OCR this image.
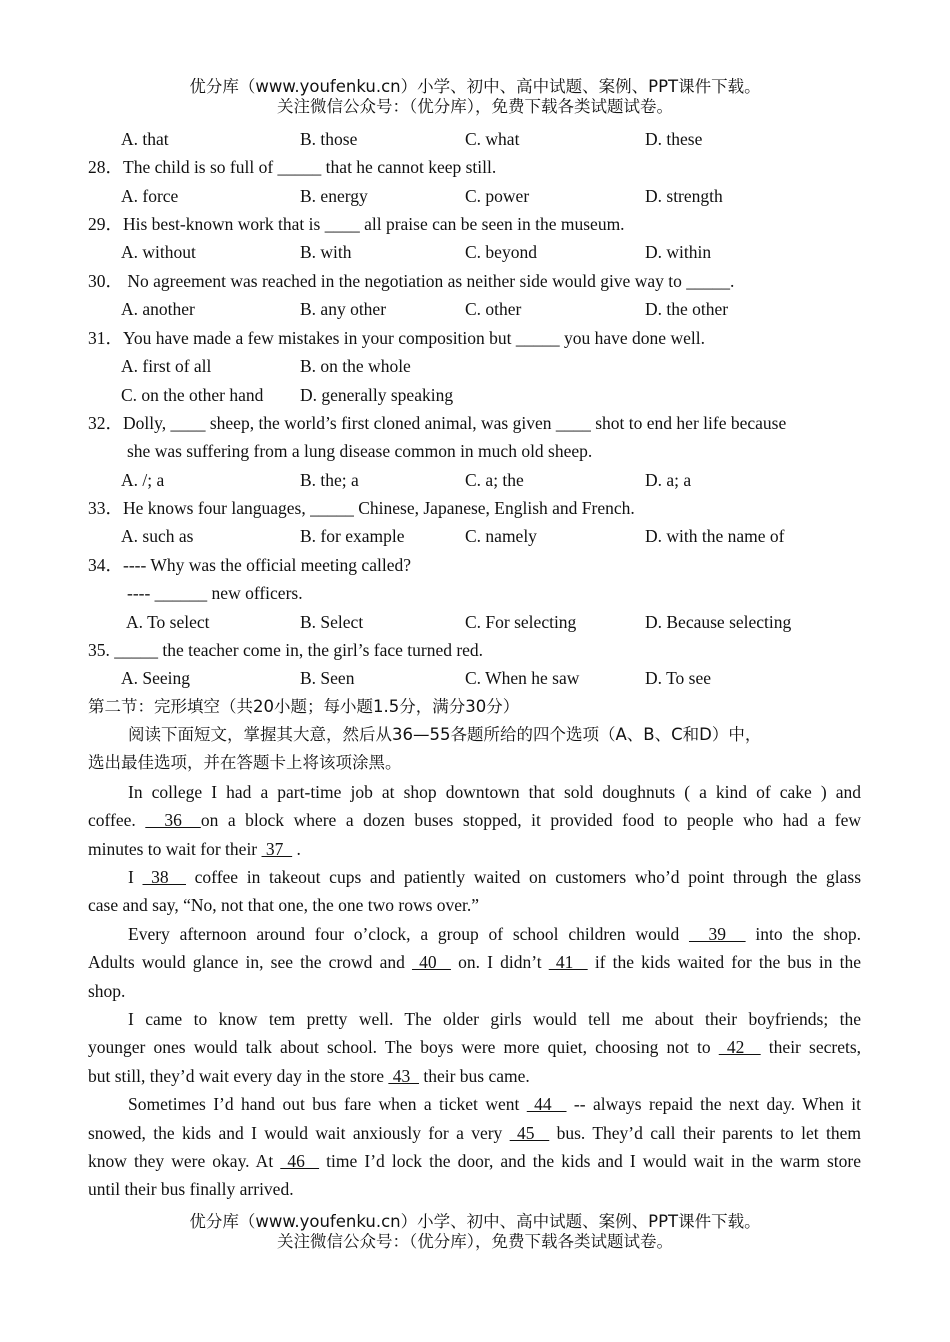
优分库（www.youfenku.cn）小学、初中、高中试题、案例、PPT课件下载。
关注微信公众号：（优分库），免费下载各类试题试卷。
A. that	B. those	C. what	D. these
28．The child is so full of _____ that he cannot keep still.
A. force	B. energy	C. power	D. strength
29．His best-known work that is ____ all praise can be seen in the museum.
A. without	B. with	C. beyond	D. within
30． No agreement was reached in the negotiation as neither side would give way to _____.
A. another	B. any other	C. other	D. the other
31．You have made a few mistakes in your composition but _____ you have done well.
A. first of all	B. on the whole
C. on the other hand D. generally speaking
32．Dolly, ____ sheep, the world’s first cloned animal, was given ____ shot to end her life because
she was suffering from a lung disease common in much old sheep.
A. /; a	B. the; a	C. a; the	D. a; a
33．He knows four languages, _____ Chinese, Japanese, English and French.
A. such as	B. for example	C. namely	D. with the name of
34．---- Why was the official meeting called?
---- ______ new officers.
A. To select	B. Select	C. For selecting	D. Because selecting
35. _____ the teacher come in, the girl’s face turned red.
A. Seeing	B. Seen	C. When he saw	D. To see
第二节：完形填空（共20小题；每小题1.5分，满分30分）
阅读下面短文，掌握其大意，然后从36—55各题所给的四个选项（A、B、C和D）中，
选出最佳选项，并在答题卡上将该项涂黑。
In college I had a part-time job at shop downtown that sold doughnuts ( a kind of cake ) and
coffee.   36  on a block where a dozen buses stopped, it provided food to people who had a few
minutes to wait for their  37   .
I  38   coffee in takeout cups and patiently waited on customers who’d point through the glass
case and say, “No, not that one, the one two rows over.”
Every afternoon around four o’clock, a group of school children would   39   into the shop.
Adults would glance in, see the crowd and  40   on. I didn’t  41   if the kids waited for the bus in the
shop.
I came to know tem pretty well. The older girls would tell me about their boyfriends; the
younger ones would talk about school. The boys were more quiet, choosing not to  42   their secrets,
but still, they’d wait every day in the store  43   their bus came.
Sometimes I’d hand out bus fare when a ticket went  44   -- always repaid the next day. When it
snowed, the kids and I would wait anxiously for a very  45   bus. They’d call their parents to let them
know they were okay. At  46   time I’d lock the door, and the kids and I would wait in the warm store
until their bus finally arrived.
优分库（www.youfenku.cn）小学、初中、高中试题、案例、PPT课件下载。
关注微信公众号：（优分库），免费下载各类试题试卷。
